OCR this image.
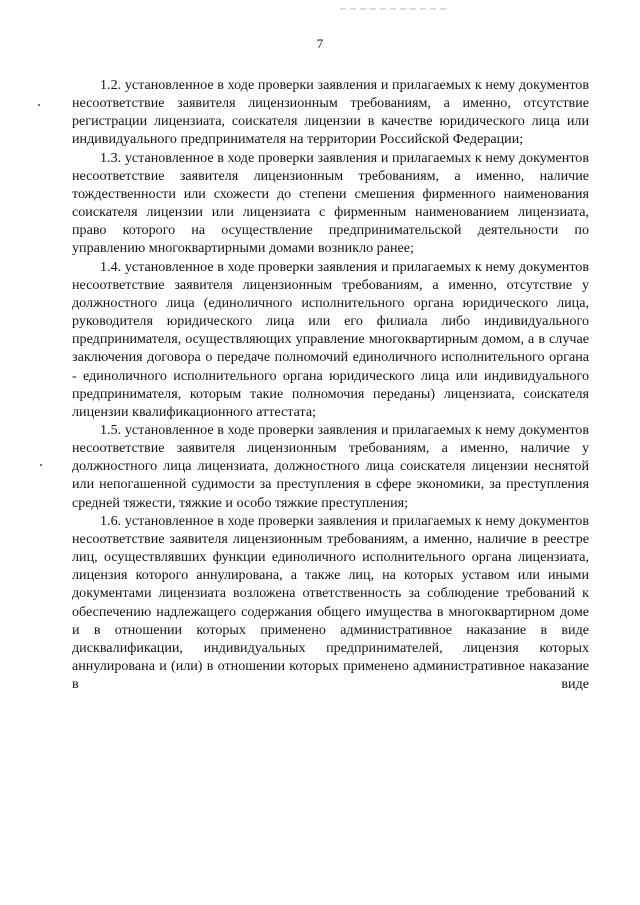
7

1.2. установленное в ходе проверки заявления и прилагаемых к нему документов несоответствие заявителя лицензионным требованиям, а именно, отсутствие регистрации лицензиата, соискателя лицензии в качестве юридического лица или индивидуального предпринимателя на территории Российской Федерации;

1.3. установленное в ходе проверки заявления и прилагаемых к нему документов несоответствие заявителя лицензионным требованиям, а именно, наличие тождественности или схожести до степени смешения фирменного наименования соискателя лицензии или лицензиата с фирменным наименованием лицензиата, право которого на осуществление предпринимательской деятельности по управлению многоквартирными домами возникло ранее;

1.4. установленное в ходе проверки заявления и прилагаемых к нему документов несоответствие заявителя лицензионным требованиям, а именно, отсутствие у должностного лица (единоличного исполнительного органа юридического лица, руководителя юридического лица или его филиала либо индивидуального предпринимателя, осуществляющих управление многоквартирным домом, а в случае заключения договора о передаче полномочий единоличного исполнительного органа - единоличного исполнительного органа юридического лица или индивидуального предпринимателя, которым такие полномочия переданы) лицензиата, соискателя лицензии квалификационного аттестата;

1.5. установленное в ходе проверки заявления и прилагаемых к нему документов несоответствие заявителя лицензионным требованиям, а именно, наличие у должностного лица лицензиата, должностного лица соискателя лицензии неснятой или непогашенной судимости за преступления в сфере экономики, за преступления средней тяжести, тяжкие и особо тяжкие преступления;

1.6. установленное в ходе проверки заявления и прилагаемых к нему документов несоответствие заявителя лицензионным требованиям, а именно, наличие в реестре лиц, осуществлявших функции единоличного исполнительного органа лицензиата, лицензия которого аннулирована, а также лиц, на которых уставом или иными документами лицензиата возложена ответственность за соблюдение требований к обеспечению надлежащего содержания общего имущества в многоквартирном доме и в отношении которых применено административное наказание в виде дисквалификации, индивидуальных предпринимателей, лицензия которых аннулирована и (или) в отношении которых применено административное наказание в виде
